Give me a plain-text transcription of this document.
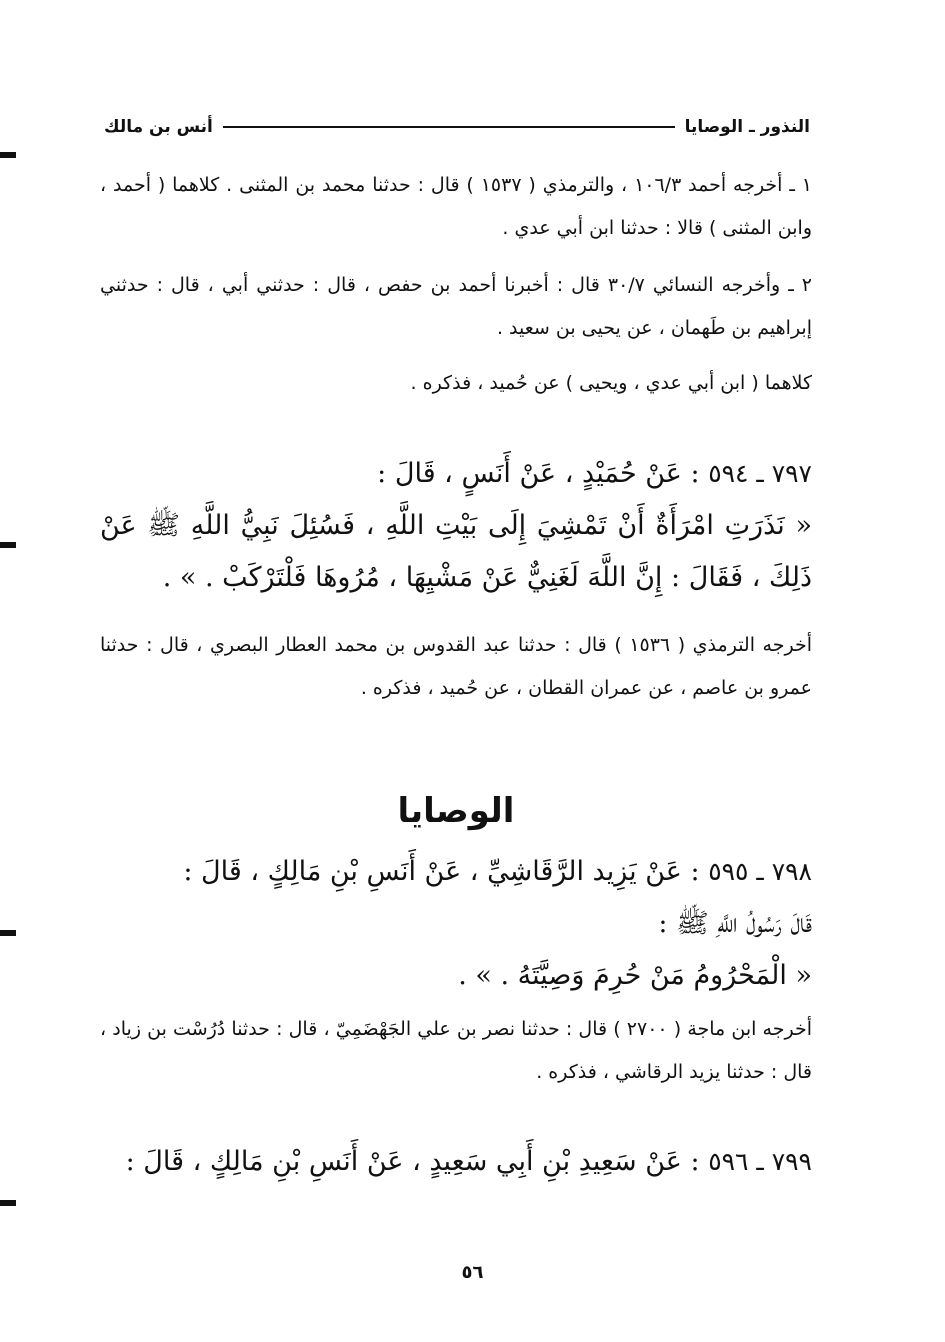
النذور ـ الوصايا
أنس بن مالك
١ ـ أخرجه أحمد ١٠٦/٣ ، والترمذي ( ١٥٣٧ ) قال : حدثنا محمد بن المثنى . كلاهما ( أحمد ، وابن المثنى ) قالا : حدثنا ابن أبي عدي .
٢ ـ وأخرجه النسائي ٣٠/٧ قال : أخبرنا أحمد بن حفص ، قال : حدثني أبي ، قال : حدثني إبراهيم بن طَهمان ، عن يحيى بن سعيد .
كلاهما ( ابن أبي عدي ، ويحيى ) عن حُميد ، فذكره .
٧٩٧ ـ ٥٩٤ : عَنْ حُمَيْدٍ ، عَنْ أَنَسٍ ، قَالَ :
« نَذَرَتِ امْرَأَةٌ أَنْ تَمْشِيَ إِلَى بَيْتِ اللَّهِ ، فَسُئِلَ نَبِيُّ اللَّهِ ﷺ عَنْ ذَلِكَ ، فَقَالَ : إِنَّ اللَّهَ لَغَنِيٌّ عَنْ مَشْيِهَا ، مُرُوهَا فَلْتَرْكَبْ . » .
أخرجه الترمذي ( ١٥٣٦ ) قال : حدثنا عبد القدوس بن محمد العطار البصري ، قال : حدثنا عمرو بن عاصم ، عن عمران القطان ، عن حُميد ، فذكره .
الوصايا
٧٩٨ ـ ٥٩٥ : عَنْ يَزِيد الرَّقَاشِيِّ ، عَنْ أَنَسِ بْنِ مَالِكٍ ، قَالَ :
قَالَ رَسُولُ اللَّهِ ﷺ :
« الْمَحْرُومُ مَنْ حُرِمَ وَصِيَّتَهُ . » .
أخرجه ابن ماجة ( ٢٧٠٠ ) قال : حدثنا نصر بن علي الجَهْضَمِيّ ، قال : حدثنا دُرُسْت بن زياد ، قال : حدثنا يزيد الرقاشي ، فذكره .
٧٩٩ ـ ٥٩٦ : عَنْ سَعِيدِ بْنِ أَبِي سَعِيدٍ ، عَنْ أَنَسِ بْنِ مَالِكٍ ، قَالَ :
٥٦
